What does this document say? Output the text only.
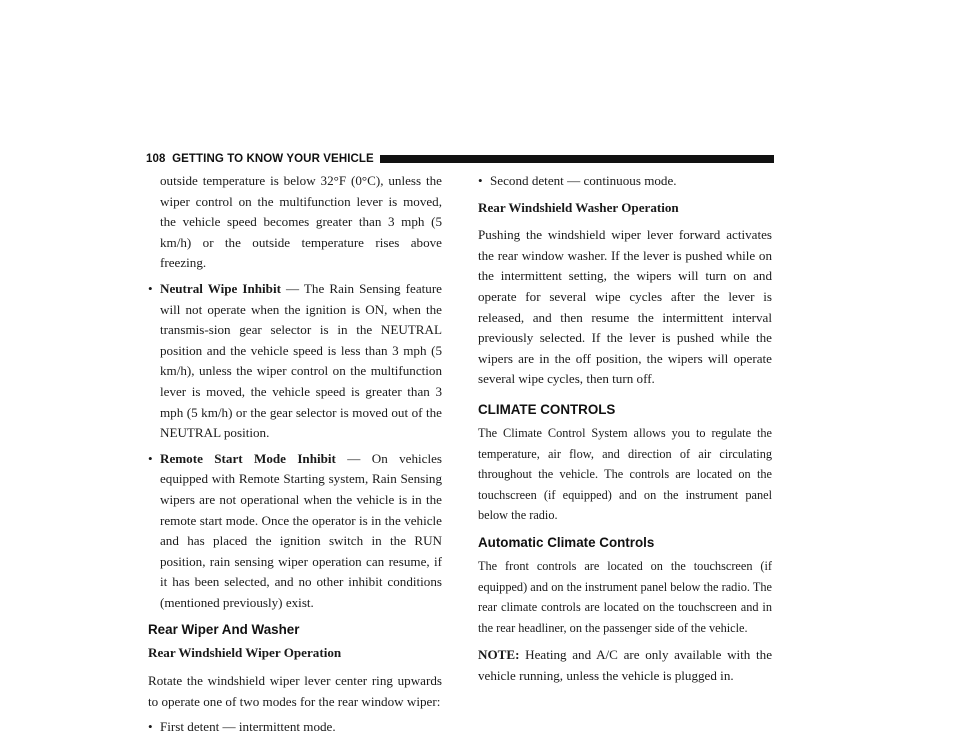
108 GETTING TO KNOW YOUR VEHICLE

outside temperature is below 32°F (0°C), unless the wiper control on the multifunction lever is moved, the vehicle speed becomes greater than 3 mph (5 km/h) or the outside temperature rises above freezing.

• Neutral Wipe Inhibit — The Rain Sensing feature will not operate when the ignition is ON, when the transmis-sion gear selector is in the NEUTRAL position and the vehicle speed is less than 3 mph (5 km/h), unless the wiper control on the multifunction lever is moved, the vehicle speed is greater than 3 mph (5 km/h) or the gear selector is moved out of the NEUTRAL position.

• Remote Start Mode Inhibit — On vehicles equipped with Remote Starting system, Rain Sensing wipers are not operational when the vehicle is in the remote start mode. Once the operator is in the vehicle and has placed the ignition switch in the RUN position, rain sensing wiper operation can resume, if it has been selected, and no other inhibit conditions (mentioned previously) exist.

Rear Wiper And Washer

Rear Windshield Wiper Operation

Rotate the windshield wiper lever center ring upwards to operate one of two modes for the rear window wiper:

• First detent — intermittent mode.

• Second detent — continuous mode.

Rear Windshield Washer Operation

Pushing the windshield wiper lever forward activates the rear window washer. If the lever is pushed while on the intermittent setting, the wipers will turn on and operate for several wipe cycles after the lever is released, and then resume the intermittent interval previously selected. If the lever is pushed while the wipers are in the off position, the wipers will operate several wipe cycles, then turn off.

CLIMATE CONTROLS

The Climate Control System allows you to regulate the temperature, air flow, and direction of air circulating throughout the vehicle. The controls are located on the touchscreen (if equipped) and on the instrument panel below the radio.

Automatic Climate Controls

The front controls are located on the touchscreen (if equipped) and on the instrument panel below the radio. The rear climate controls are located on the touchscreen and in the rear headliner, on the passenger side of the vehicle.

NOTE: Heating and A/C are only available with the vehicle running, unless the vehicle is plugged in.
